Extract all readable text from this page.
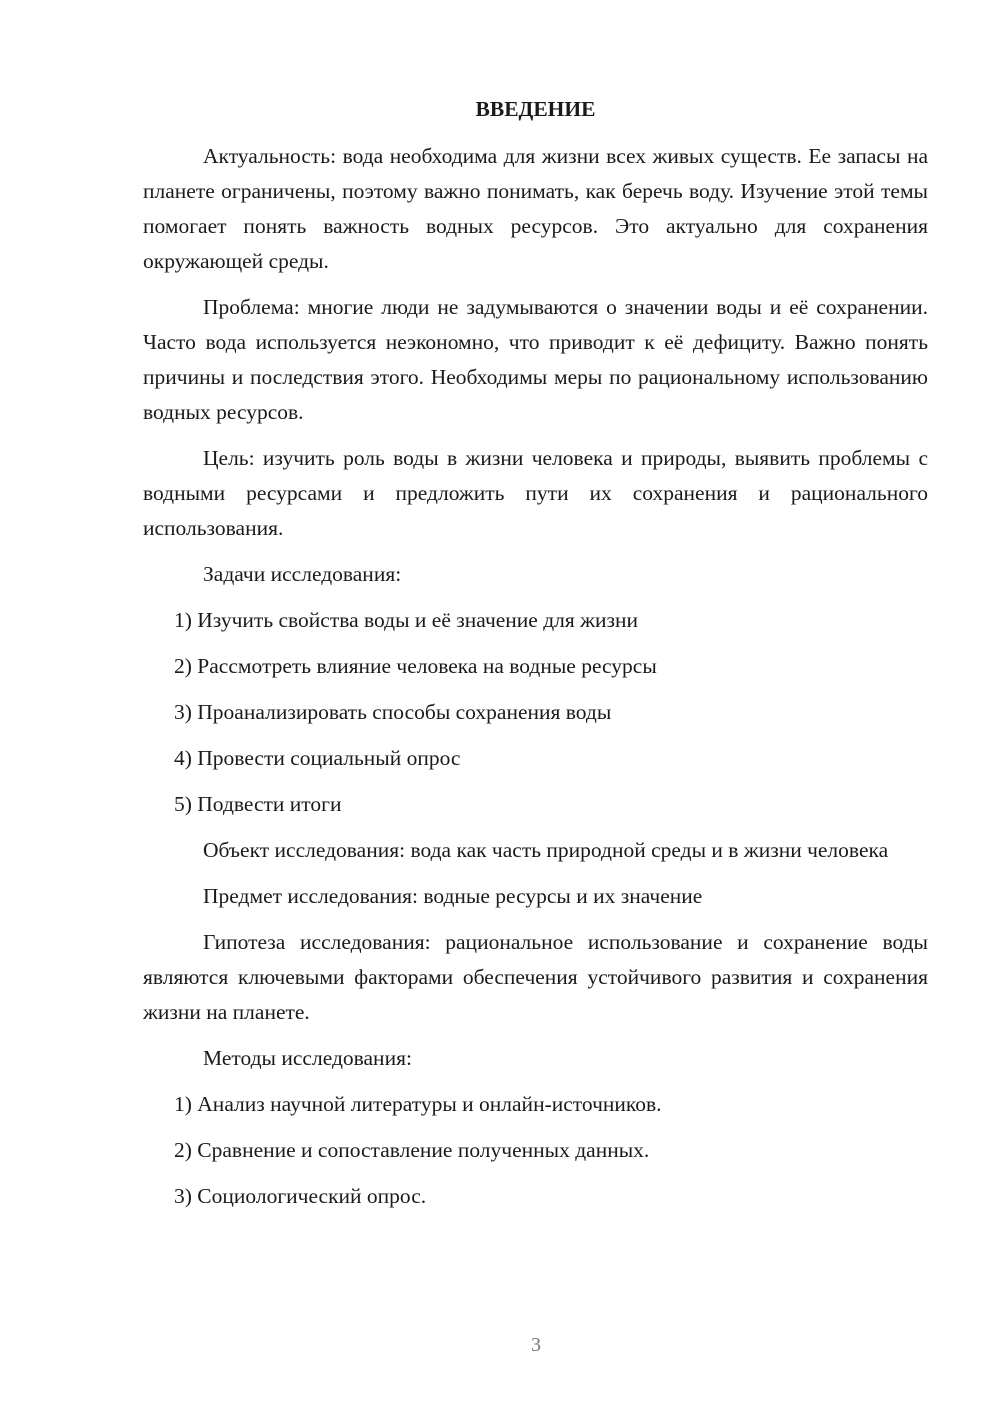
ВВЕДЕНИЕ

Актуальность: вода необходима для жизни всех живых существ. Ее запасы на планете ограничены, поэтому важно понимать, как беречь воду. Изучение этой темы помогает понять важность водных ресурсов. Это актуально для сохранения окружающей среды.

Проблема: многие люди не задумываются о значении воды и её сохранении. Часто вода используется неэкономно, что приводит к её дефициту. Важно понять причины и последствия этого. Необходимы меры по рациональному использованию водных ресурсов.

Цель: изучить роль воды в жизни человека и природы, выявить проблемы с водными ресурсами и предложить пути их сохранения и рационального использования.

Задачи исследования:

1) Изучить свойства воды и её значение для жизни

2) Рассмотреть влияние человека на водные ресурсы

3) Проанализировать способы сохранения воды

4) Провести социальный опрос

5) Подвести итоги

Объект исследования: вода как часть природной среды и в жизни человека

Предмет исследования: водные ресурсы и их значение

Гипотеза исследования: рациональное использование и сохранение воды являются ключевыми факторами обеспечения устойчивого развития и сохранения жизни на планете.

Методы исследования:

1) Анализ научной литературы и онлайн-источников.

2) Сравнение и сопоставление полученных данных.

3) Социологический опрос.

3
